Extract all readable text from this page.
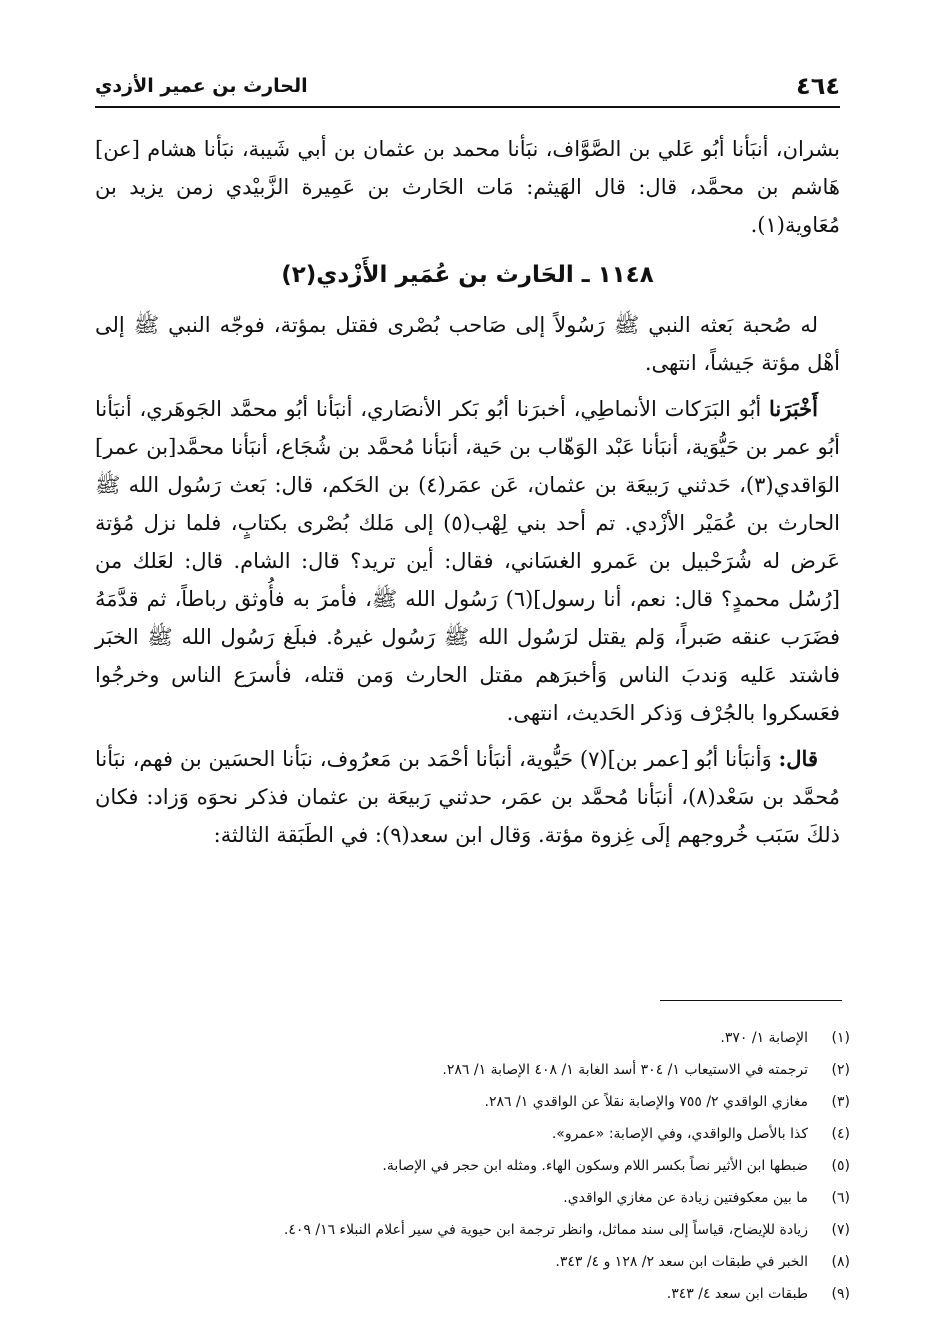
٤٦٤
الحارث بن عمير الأزدي

بشران، أنبَأنا أبُو عَلي بن الصَّوَّاف، نبَأنا محمد بن عثمان بن أبي شَيبة، نبَأنا هشام [عن] هَاشم بن محمَّد، قال: قال الهَيثم: مَات الحَارث بن عَمِيرة الزَّبيْدي زمن يزيد بن مُعَاوية(١).

١١٤٨ ـ الحَارث بن عُمَير الأَزْدي(٢)

له صُحبة بَعثه النبي ﷺ رَسُولاً إلى صَاحب بُصْرى فقتل بمؤتة، فوجّه النبي ﷺ إلى أهْل مؤتة جَيشاً، انتهى.

أَخْبَرَنا أبُو البَرَكات الأنماطِي، أخبرَنا أبُو بَكر الأنصَاري، أنبَأنا أبُو محمَّد الجَوهَري، أنبَأنا أبُو عمر بن حَيُّوَية، أنبَأنا عَبْد الوَهّاب بن حَية، أنبَأنا مُحمَّد بن شُجَاع، أنبَأنا محمَّد[بن عمر] الوَاقدي(٣)، حَدثني رَبيعَة بن عثمان، عَن عمَر(٤) بن الحَكم، قال: بَعث رَسُول الله ﷺ الحارث بن عُمَيْر الأزْدي. تم أحد بني لِهْب(٥) إلى مَلك بُصْرى بكتابٍ، فلما نزل مُؤتة عَرض له شُرَحْبيل بن عَمرو الغسَاني، فقال: أين تريد؟ قال: الشام. قال: لعَلك من [رُسُل محمدٍ؟ قال: نعم، أنا رسول](٦) رَسُول الله ﷺ، فأمرَ به فأُوثق رباطاً، ثم قدَّمَهُ فضَرَب عنقه صَبراً، وَلم يقتل لرَسُول الله ﷺ رَسُول غيرهُ. فبلَغ رَسُول الله ﷺ الخبَر فاشتد عَليه وَندبَ الناس وَأخبرَهم مقتل الحارث وَمن قتله، فأسرَع الناس وخرجُوا فعَسكروا بالجُرْف وَذكر الحَديث، انتهى.

قال: وَأنبَأنا أبُو [عمر بن](٧) حَيُّوية، أنبَأنا أحْمَد بن مَعرُوف، نبَأنا الحسَين بن فهم، نبَأنا مُحمَّد بن سَعْد(٨)، أنبَأنا مُحمَّد بن عمَر، حدثني رَبيعَة بن عثمان فذكر نحوَه وَزاد: فكان ذلكَ سَبَب خُروجهم إلَى غِزوة مؤتة. وَقال ابن سعد(٩): في الطَبَقة الثالثة:

(١)
الإصابة ١/ ٣٧٠.
(٢)
ترجمته في الاستيعاب ١/ ٣٠٤ أسد الغابة ١/ ٤٠٨ الإصابة ١/ ٢٨٦.
(٣)
مغازي الواقدي ٢/ ٧٥٥ والإصابة نقلاً عن الواقدي ١/ ٢٨٦.
(٤)
كذا بالأصل والواقدي، وفي الإصابة: «عمرو».
(٥)
ضبطها ابن الأثير نصاً بكسر اللام وسكون الهاء. ومثله ابن حجر في الإصابة.
(٦)
ما بين معكوفتين زيادة عن مغازي الواقدي.
(٧)
زيادة للإيضاح، قياساً إلى سند مماثل، وانظر ترجمة ابن حيوية في سير أعلام النبلاء ١٦/ ٤٠٩.
(٨)
الخبر في طبقات ابن سعد ٢/ ١٢٨ و ٤/ ٣٤٣.
(٩)
طبقات ابن سعد ٤/ ٣٤٣.
